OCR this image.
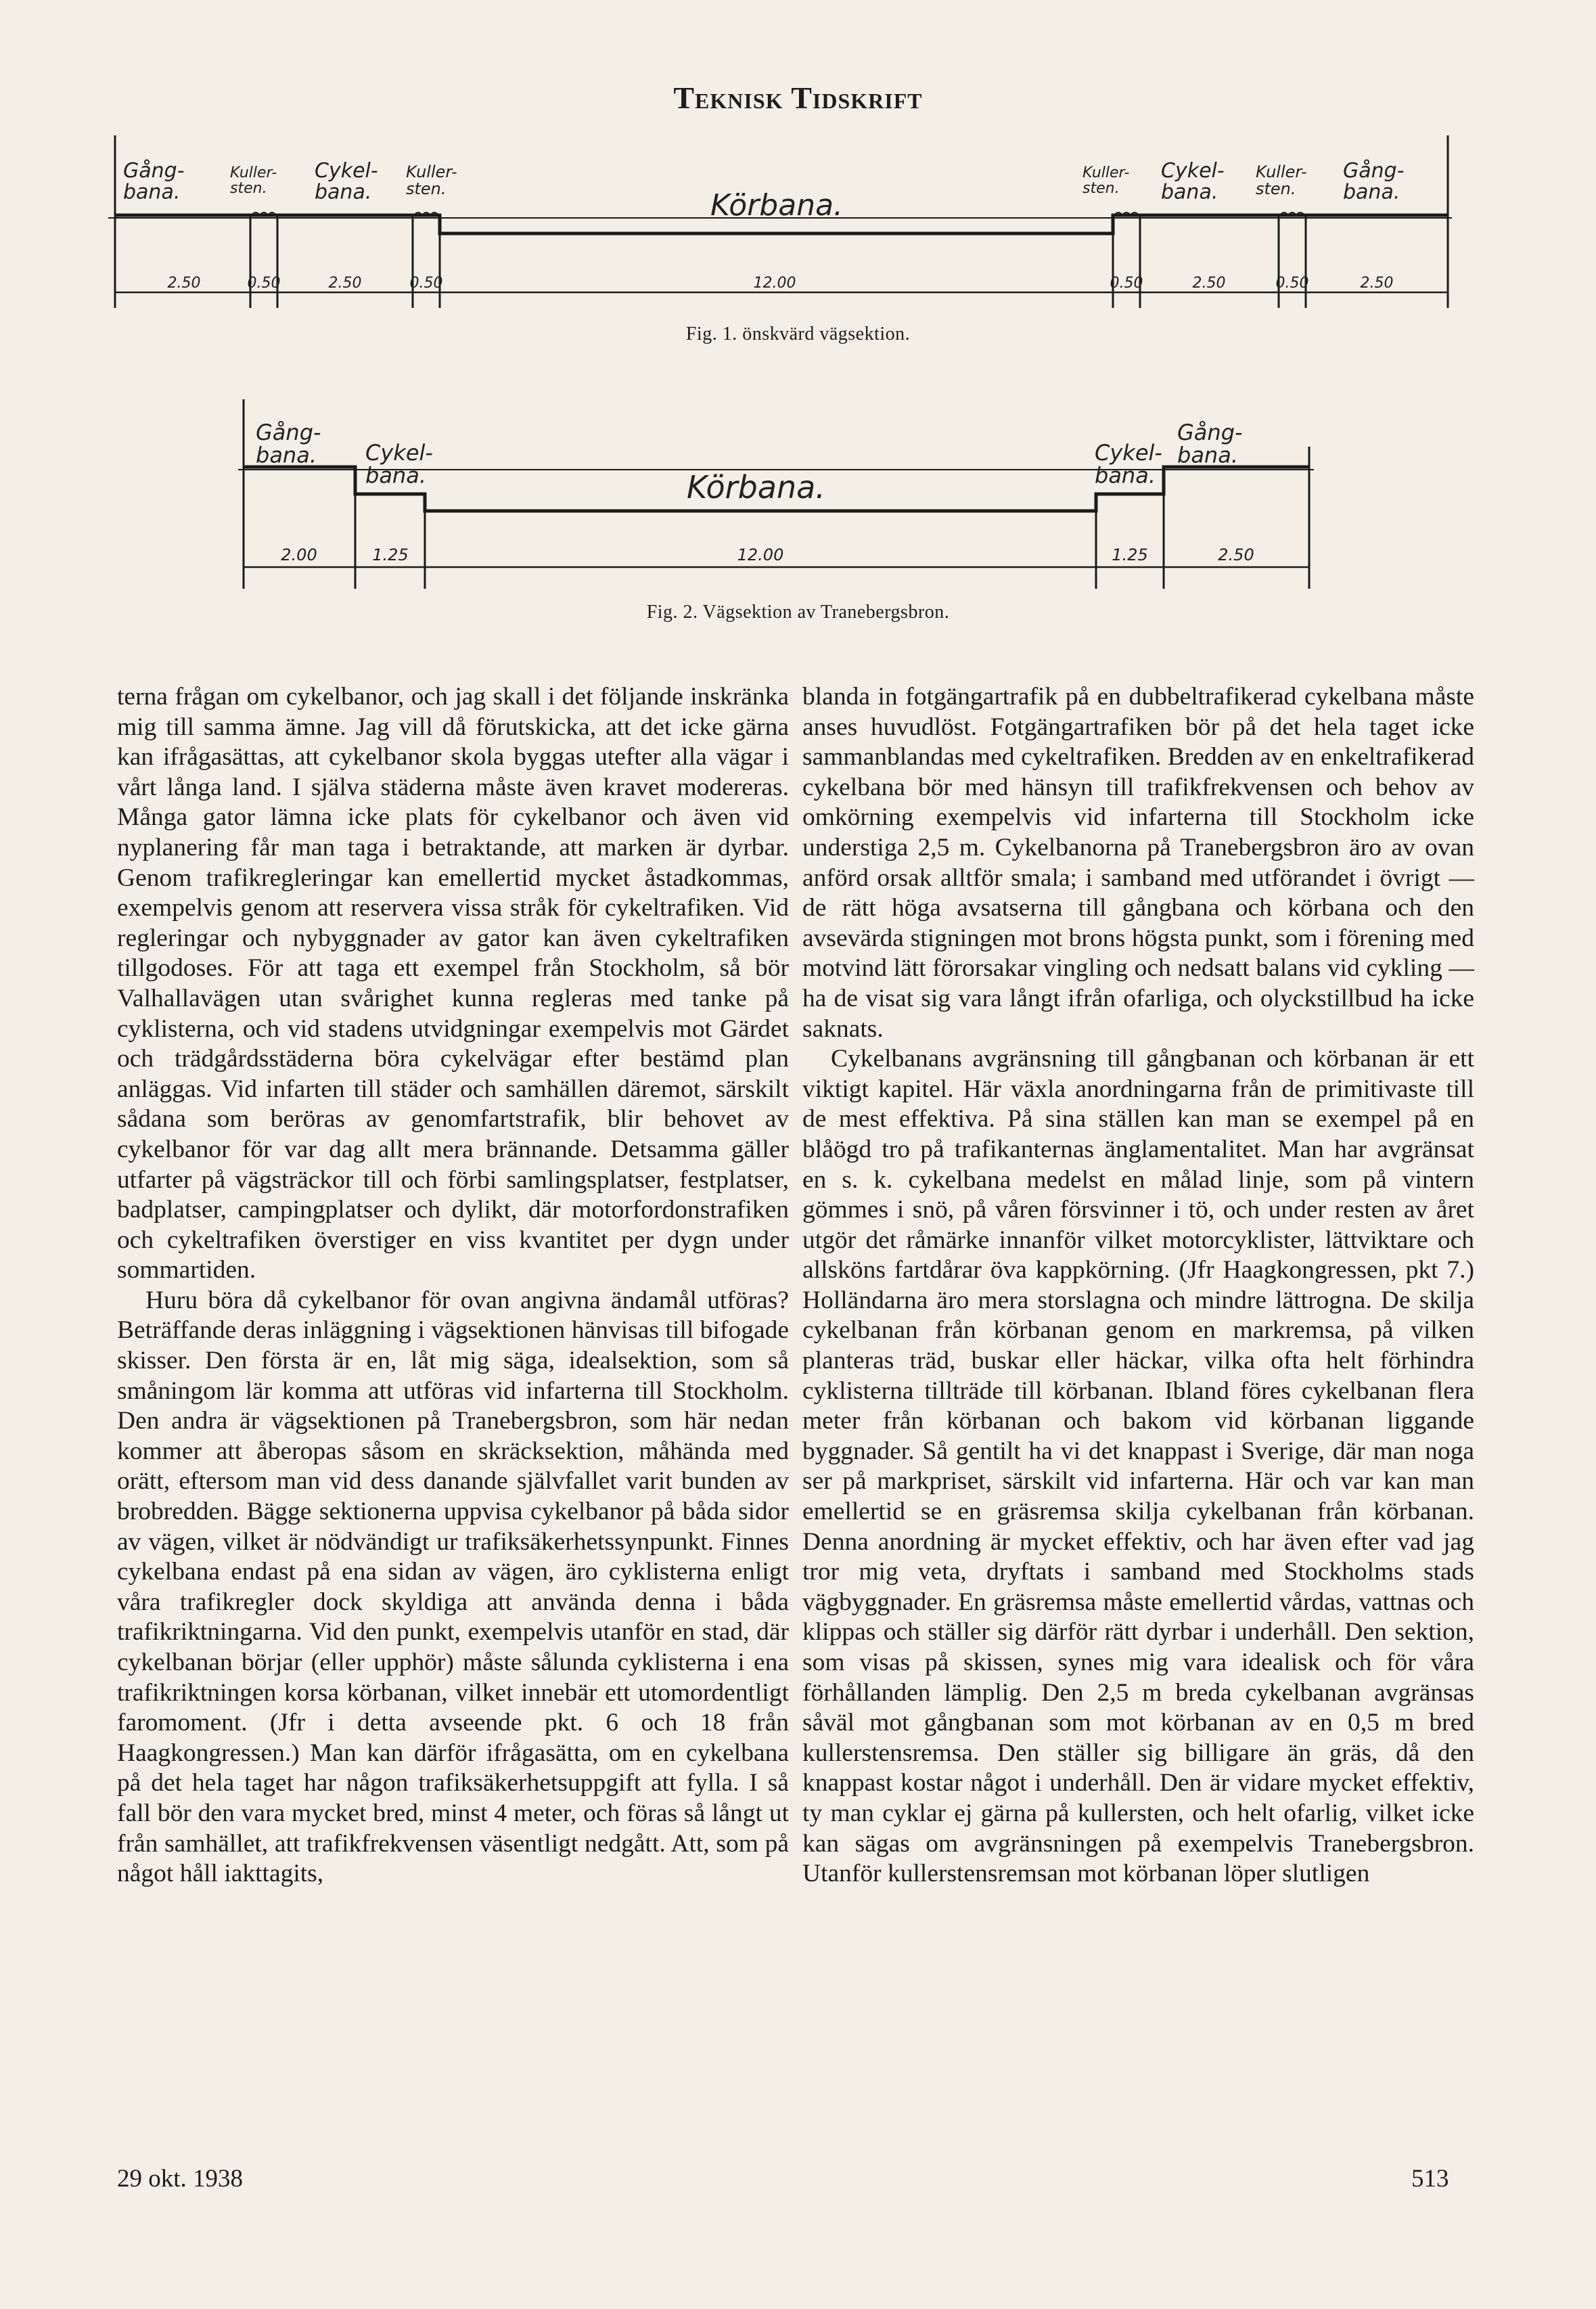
Teknisk Tidskrift
Gång-bana.
Kuller-sten.
Cykel-bana.
Kuller-sten.	Körbana.
Kuller-sten.
Cykel-bana.
Kuller-sten.
Gång-bana.
2.50	0.50	2.50	0.50	12.00	0.50	2.50	0.50	2.50
Fig. 1. önskvärd vägsektion.
Gång-bana. Cykel-bana.	Körbana.
Cykel-bana.
Gång-bana.
2.00	1.25	12.00	1.25	2.50
Fig. 2. Vägsektion av Tranebergsbron.

terna frågan om cykelbanor, och jag skall i det följande inskränka mig till samma ämne. Jag vill då förutskicka, att det icke gärna kan ifrågasättas, att cykelbanor skola byggas utefter alla vägar i vårt långa land. I själva städerna måste även kravet modereras. Många gator lämna icke plats för cykelbanor och även vid nyplanering får man taga i betraktande, att marken är dyrbar. Genom trafikregleringar kan emellertid mycket åstadkommas, exempelvis genom att reservera vissa stråk för cykeltrafiken. Vid regleringar och nybyggnader av gator kan även cykeltrafiken tillgodoses. För att taga ett exempel från Stockholm, så bör Valhallavägen utan svårighet kunna regleras med tanke på cyklisterna, och vid stadens utvidgningar exempelvis mot Gärdet och trädgårdsstäderna böra cykelvägar efter bestämd plan anläggas. Vid infarten till städer och samhällen däremot, särskilt sådana som beröras av genomfartstrafik, blir behovet av cykelbanor för var dag allt mera brännande. Detsamma gäller utfarter på vägsträckor till och förbi samlingsplatser, festplatser, badplatser, campingplatser och dylikt, där motorfordonstrafiken och cykeltrafiken överstiger en viss kvantitet per dygn under sommartiden.

Huru böra då cykelbanor för ovan angivna ändamål utföras? Beträffande deras inläggning i vägsektionen hänvisas till bifogade skisser. Den första är en, låt mig säga, idealsektion, som så småningom lär komma att utföras vid infarterna till Stockholm. Den andra är vägsektionen på Tranebergsbron, som här nedan kommer att åberopas såsom en skräcksektion, måhända med orätt, eftersom man vid dess danande självfallet varit bunden av brobredden. Bägge sektionerna uppvisa cykelbanor på båda sidor av vägen, vilket är nödvändigt ur trafiksäkerhetssynpunkt. Finnes cykelbana endast på ena sidan av vägen, äro cyklisterna enligt våra trafikregler dock skyldiga att använda denna i båda trafikriktningarna. Vid den punkt, exempelvis utanför en stad, där cykelbanan börjar (eller upphör) måste sålunda cyklisterna i ena trafikriktningen korsa körbanan, vilket innebär ett utomordentligt faromoment. (Jfr i detta avseende pkt. 6 och 18 från Haagkongressen.) Man kan därför ifrågasätta, om en cykelbana på det hela taget har någon trafiksäkerhetsuppgift att fylla. I så fall bör den vara mycket bred, minst 4 meter, och föras så långt ut från samhället, att trafikfrekvensen väsentligt nedgått. Att, som på något håll iakttagits,

blanda in fotgängartrafik på en dubbeltrafikerad cykelbana måste anses huvudlöst. Fotgängartrafiken bör på det hela taget icke sammanblandas med cykeltrafiken. Bredden av en enkeltrafikerad cykelbana bör med hänsyn till trafikfrekvensen och behov av omkörning exempelvis vid infarterna till Stockholm icke understiga 2,5 m. Cykelbanorna på Tranebergsbron äro av ovan anförd orsak alltför smala; i samband med utförandet i övrigt — de rätt höga avsatserna till gångbana och körbana och den avsevärda stigningen mot brons högsta punkt, som i förening med motvind lätt förorsakar vingling och nedsatt balans vid cykling — ha de visat sig vara långt ifrån ofarliga, och olyckstillbud ha icke saknats.

Cykelbanans avgränsning till gångbanan och körbanan är ett viktigt kapitel. Här växla anordningarna från de primitivaste till de mest effektiva. På sina ställen kan man se exempel på en blåögd tro på trafikanternas änglamentalitet. Man har avgränsat en s. k. cykelbana medelst en målad linje, som på vintern gömmes i snö, på våren försvinner i tö, och under resten av året utgör det råmärke innanför vilket motorcyklister, lättviktare och allsköns fartdårar öva kappkörning. (Jfr Haagkongressen, pkt 7.) Holländarna äro mera storslagna och mindre lättrogna. De skilja cykelbanan från körbanan genom en markremsa, på vilken planteras träd, buskar eller häckar, vilka ofta helt förhindra cyklisterna tillträde till körbanan. Ibland föres cykelbanan flera meter från körbanan och bakom vid körbanan liggande byggnader. Så gentilt ha vi det knappast i Sverige, där man noga ser på markpriset, särskilt vid infarterna. Här och var kan man emellertid se en gräsremsa skilja cykelbanan från körbanan. Denna anordning är mycket effektiv, och har även efter vad jag tror mig veta, dryftats i samband med Stockholms stads vägbyggnader. En gräsremsa måste emellertid vårdas, vattnas och klippas och ställer sig därför rätt dyrbar i underhåll. Den sektion, som visas på skissen, synes mig vara idealisk och för våra förhållanden lämplig. Den 2,5 m breda cykelbanan avgränsas såväl mot gångbanan som mot körbanan av en 0,5 m bred kullerstensremsa. Den ställer sig billigare än gräs, då den knappast kostar något i underhåll. Den är vidare mycket effektiv, ty man cyklar ej gärna på kullersten, och helt ofarlig, vilket icke kan sägas om avgränsningen på exempelvis Tranebergsbron. Utanför kullerstensremsan mot körbanan löper slutligen

29 okt. 1938	513
